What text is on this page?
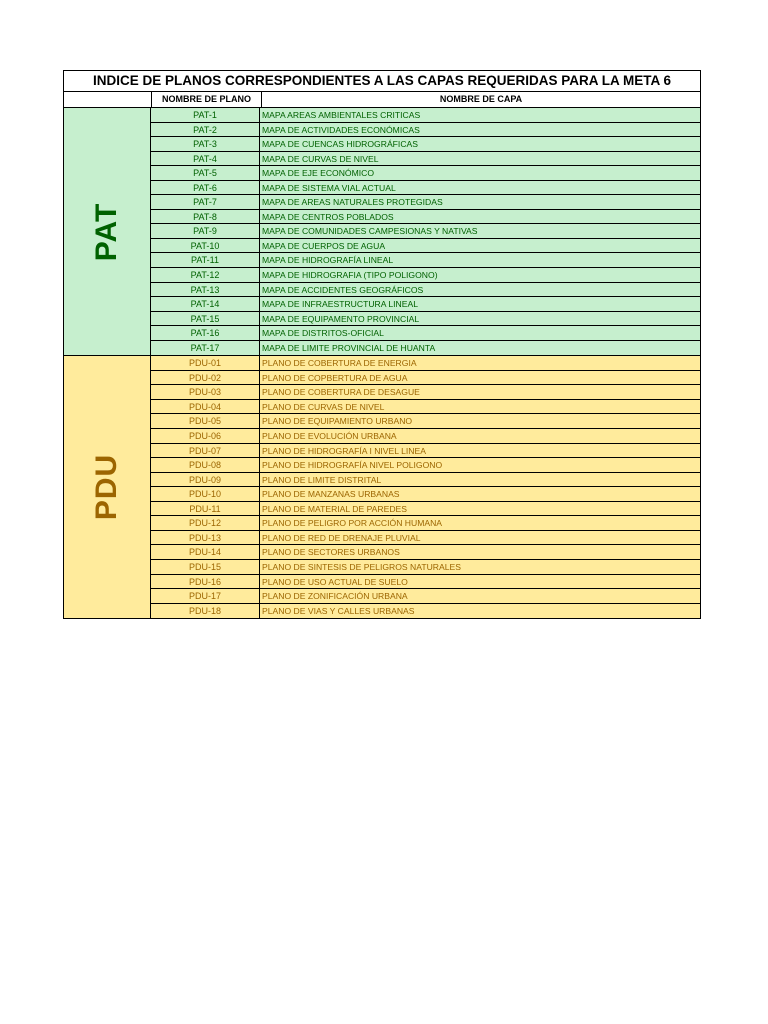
INDICE DE PLANOS CORRESPONDIENTES A LAS CAPAS REQUERIDAS PARA LA META 6
NOMBRE DE PLANO	NOMBRE DE CAPA
PAT
PAT-1	MAPA AREAS AMBIENTALES CRITICAS
PAT-2	MAPA DE ACTIVIDADES ECONÓMICAS
PAT-3	MAPA DE CUENCAS HIDROGRÁFICAS
PAT-4	MAPA DE CURVAS DE NIVEL
PAT-5	MAPA DE EJE ECONÓMICO
PAT-6	MAPA DE SISTEMA VIAL ACTUAL
PAT-7	MAPA DE AREAS NATURALES PROTEGIDAS
PAT-8	MAPA DE CENTROS POBLADOS
PAT-9	MAPA DE COMUNIDADES CAMPESIONAS Y NATIVAS
PAT-10	MAPA DE CUERPOS DE AGUA
PAT-11	MAPA DE HIDROGRAFÍA LINEAL
PAT-12	MAPA DE HIDROGRAFIA (TIPO POLIGONO)
PAT-13	MAPA DE ACCIDENTES GEOGRÁFICOS
PAT-14	MAPA DE INFRAESTRUCTURA LINEAL
PAT-15	MAPA DE EQUIPAMENTO PROVINCIAL
PAT-16	MAPA DE DISTRITOS-OFICIAL
PAT-17	MAPA DE LIMITE PROVINCIAL DE HUANTA
PDU
PDU-01	PLANO DE COBERTURA DE ENERGIA
PDU-02	PLANO DE COPBERTURA DE AGUA
PDU-03	PLANO DE COBERTURA DE DESAGUE
PDU-04	PLANO DE CURVAS DE NIVEL
PDU-05	PLANO DE EQUIPAMIENTO URBANO
PDU-06	PLANO DE EVOLUCIÓN URBANA
PDU-07	PLANO DE HIDROGRAFÍA I NIVEL LINEA
PDU-08	PLANO DE HIDROGRAFÍA NIVEL POLIGONO
PDU-09	PLANO DE LIMITE DISTRITAL
PDU-10	PLANO DE MANZANAS URBANAS
PDU-11	PLANO DE MATERIAL DE PAREDES
PDU-12	PLANO DE PELIGRO POR ACCIÓN HUMANA
PDU-13	PLANO DE RED DE DRENAJE PLUVIAL
PDU-14	PLANO DE SECTORES URBANOS
PDU-15	PLANO DE SINTESIS DE PELIGROS NATURALES
PDU-16	PLANO DE USO ACTUAL DE SUELO
PDU-17	PLANO DE ZONIFICACIÓN URBANA
PDU-18	PLANO DE VIAS Y CALLES URBANAS
